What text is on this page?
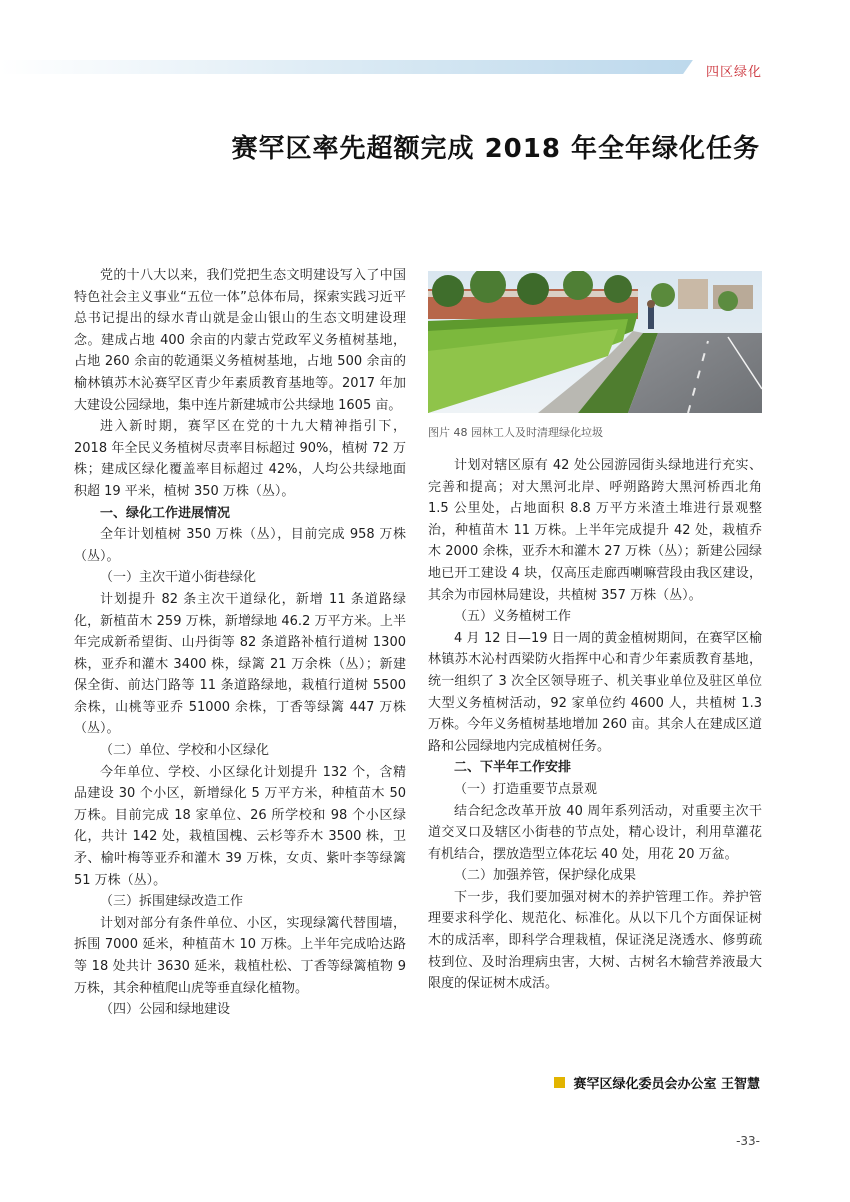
四区绿化
赛罕区率先超额完成 2018 年全年绿化任务

党的十八大以来，我们党把生态文明建设写入了中国特色社会主义事业“五位一体”总体布局，探索实践习近平总书记提出的绿水青山就是金山银山的生态文明建设理念。建成占地 400 余亩的内蒙古党政军义务植树基地，占地 260 余亩的乾通渠义务植树基地，占地 500 余亩的榆林镇苏木沁赛罕区青少年素质教育基地等。2017 年加大建设公园绿地，集中连片新建城市公共绿地 1605 亩。

进入新时期，赛罕区在党的十九大精神指引下，2018 年全民义务植树尽责率目标超过 90%，植树 72 万株；建成区绿化覆盖率目标超过 42%，人均公共绿地面积超 19 平米，植树 350 万株（丛）。

一、绿化工作进展情况

全年计划植树 350 万株（丛），目前完成 958 万株（丛）。

（一）主次干道小街巷绿化

计划提升 82 条主次干道绿化，新增 11 条道路绿化，新植苗木 259 万株，新增绿地 46.2 万平方米。上半年完成新希望街、山丹街等 82 条道路补植行道树 1300 株，亚乔和灌木 3400 株，绿篱 21 万余株（丛）；新建保全街、前达门路等 11 条道路绿地，栽植行道树 5500 余株，山桃等亚乔 51000 余株，丁香等绿篱 447 万株（丛）。

（二）单位、学校和小区绿化

今年单位、学校、小区绿化计划提升 132 个，含精品建设 30 个小区，新增绿化 5 万平方米，种植苗木 50 万株。目前完成 18 家单位、26 所学校和 98 个小区绿化，共计 142 处，栽植国槐、云杉等乔木 3500 株，卫矛、榆叶梅等亚乔和灌木 39 万株，女贞、紫叶李等绿篱 51 万株（丛）。

（三）拆围建绿改造工作

计划对部分有条件单位、小区，实现绿篱代替围墙，拆围 7000 延米，种植苗木 10 万株。上半年完成哈达路等 18 处共计 3630 延米，栽植杜松、丁香等绿篱植物 9 万株，其余种植爬山虎等垂直绿化植物。

（四）公园和绿地建设

图片 48 园林工人及时清理绿化垃圾

计划对辖区原有 42 处公园游园街头绿地进行充实、完善和提高；对大黑河北岸、呼朔路跨大黑河桥西北角 1.5 公里处，占地面积 8.8 万平方米渣土堆进行景观整治，种植苗木 11 万株。上半年完成提升 42 处，栽植乔木 2000 余株，亚乔木和灌木 27 万株（丛）；新建公园绿地已开工建设 4 块，仅高压走廊西喇嘛营段由我区建设，其余为市园林局建设，共植树 357 万株（丛）。

（五）义务植树工作

4 月 12 日—19 日一周的黄金植树期间，在赛罕区榆林镇苏木沁村西梁防火指挥中心和青少年素质教育基地，统一组织了 3 次全区领导班子、机关事业单位及驻区单位大型义务植树活动，92 家单位约 4600 人，共植树 1.3 万株。今年义务植树基地增加 260 亩。其余人在建成区道路和公园绿地内完成植树任务。

二、下半年工作安排

（一）打造重要节点景观

结合纪念改革开放 40 周年系列活动，对重要主次干道交叉口及辖区小街巷的节点处，精心设计，利用草灌花有机结合，摆放造型立体花坛 40 处，用花 20 万盆。

（二）加强养管，保护绿化成果

下一步，我们要加强对树木的养护管理工作。养护管理要求科学化、规范化、标准化。从以下几个方面保证树木的成活率，即科学合理栽植，保证浇足浇透水、修剪疏枝到位、及时治理病虫害，大树、古树名木输营养液最大限度的保证树木成活。

赛罕区绿化委员会办公室 王智慧
-33-
